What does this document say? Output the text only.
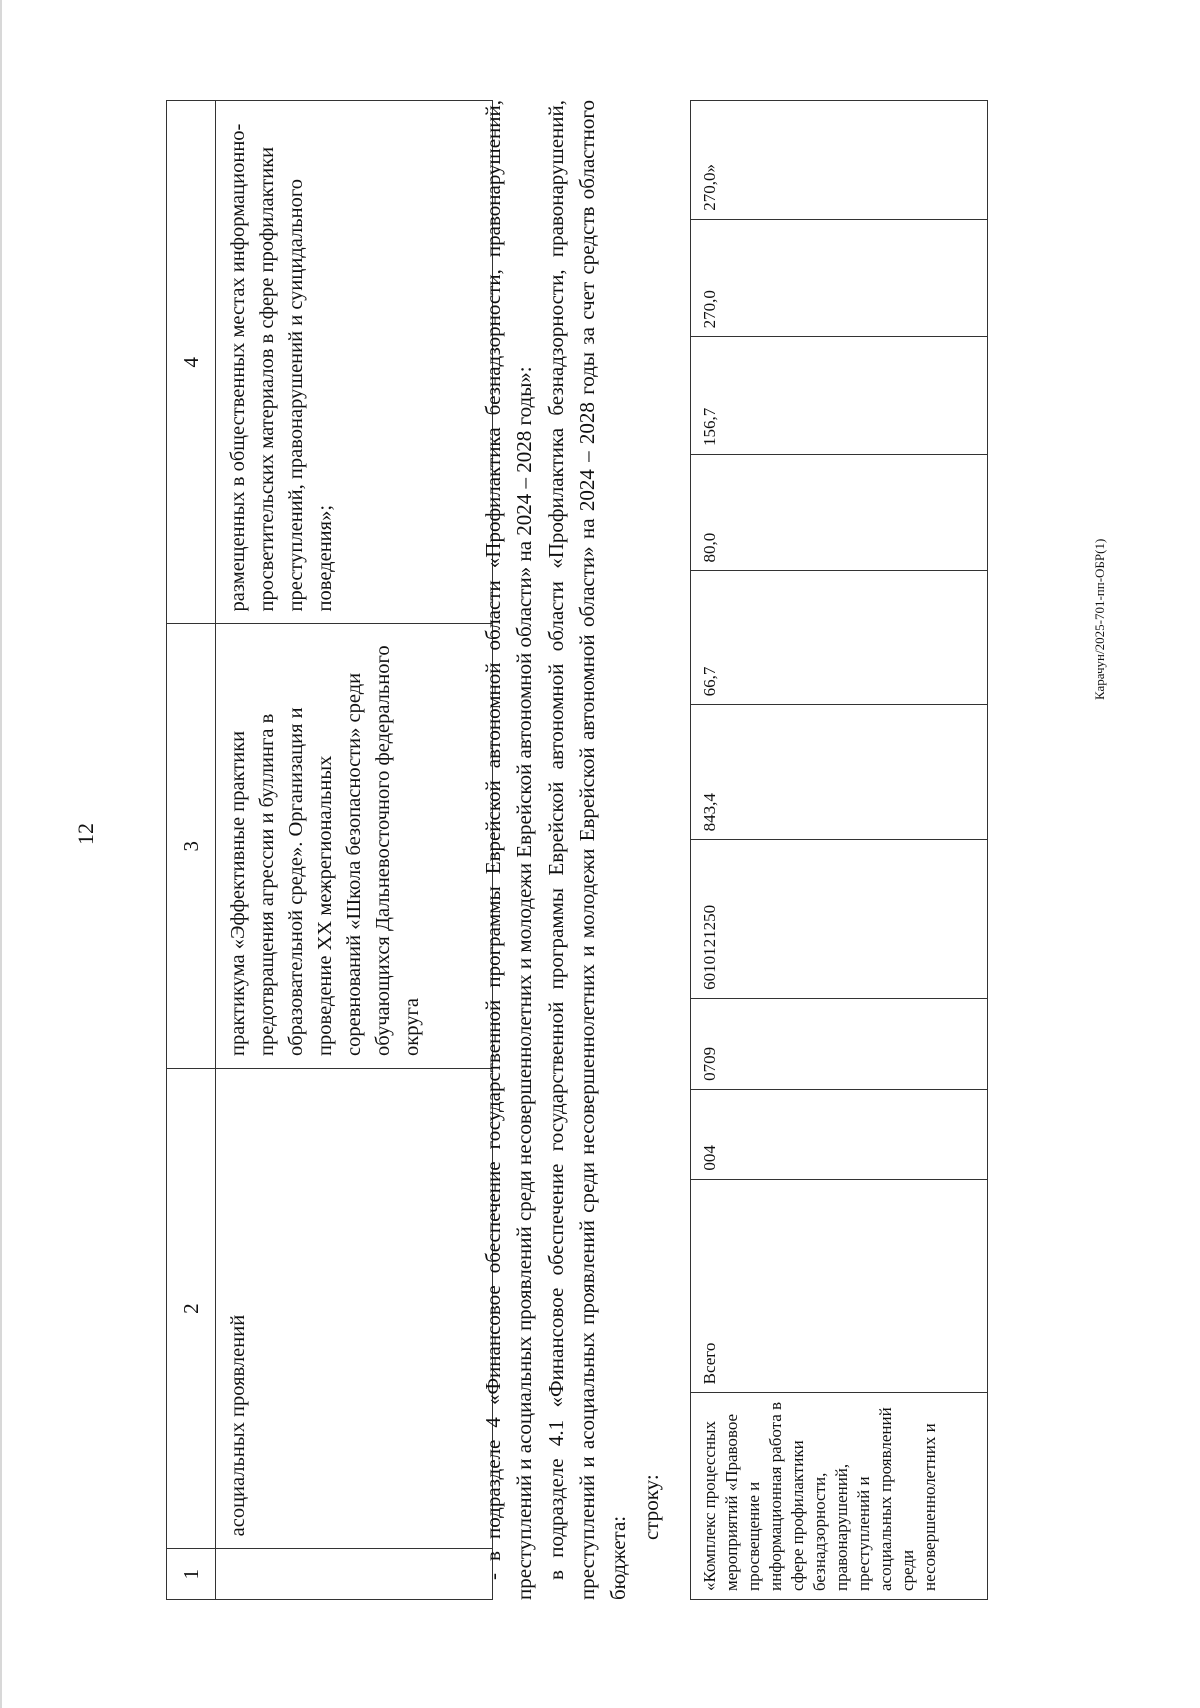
12
Карачун/2025-701-пп-ОБР(1)
1	2	3	4
	асоциальных проявлений	практикума «Эффективные практики предотвращения агрессии и буллинга в образовательной среде». Организация и проведение XX межрегиональных соревнований «Школа безопасности» среди обучающихся Дальневосточного федерального округа	размещенных в общественных местах информационно-просветительских материалов в сфере профилактики преступлений, правонарушений и суицидального поведения»;	- в подразделе 4 «Финансовое обеспечение государственной программы Еврейской автономной области «Профилактика безнадзорности, правонарушений, преступлений и асоциальных проявлений среди несовершеннолетних и молодежи Еврейской автономной области» на 2024 – 2028 годы»: в подразделе 4.1 «Финансовое обеспечение государственной программы Еврейской автономной области «Профилактика безнадзорности, правонарушений, преступлений и асоциальных проявлений среди несовершеннолетних и молодежи Еврейской автономной области» на 2024 – 2028 годы за счет средств областного бюджета:

строку: «Комплекс процессных мероприятий «Правовое просвещение и информационная работа в сфере профилактики безнадзорности, правонарушений, преступлений и асоциальных проявлений среди несовершеннолетних и	Всего	004	0709	6010121250	843,4	66,7	80,0	156,7	270,0	270,0»
